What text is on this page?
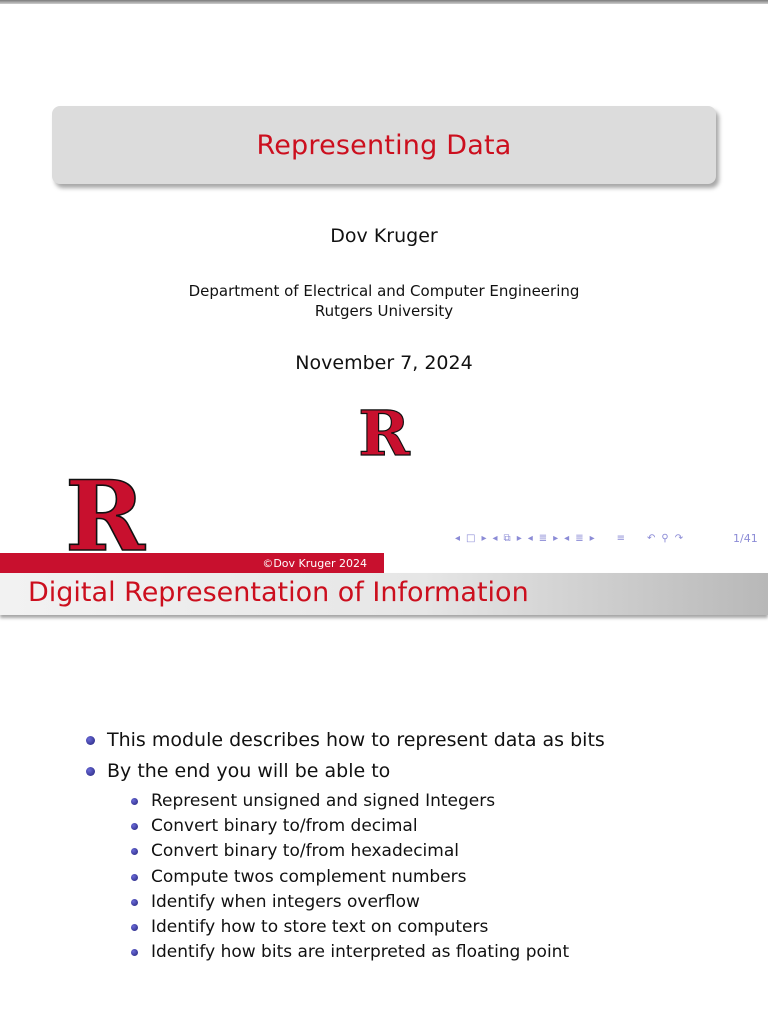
Representing Data
Dov Kruger
Department of Electrical and Computer Engineering
Rutgers University
November 7, 2024
R
R	◂ □ ▸ ◂ ⧉ ▸ ◂ ≣ ▸ ◂ ≣ ▸ ≡ ↶ ⚲ ↷	1/41
©Dov Kruger 2024
Digital Representation of Information
This module describes how to represent data as bits
By the end you will be able to
Represent unsigned and signed Integers
Convert binary to/from decimal
Convert binary to/from hexadecimal
Compute twos complement numbers
Identify when integers overflow
Identify how to store text on computers
Identify how bits are interpreted as floating point
